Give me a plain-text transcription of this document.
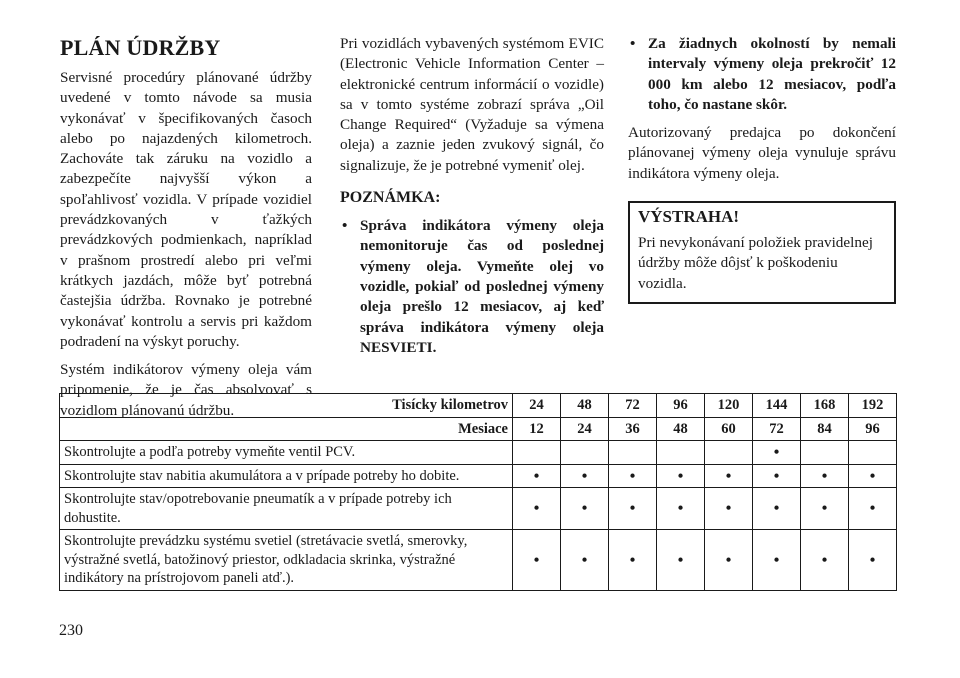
PLÁN ÚDRŽBY

Servisné procedúry plánované údržby uvedené v tomto návode sa musia vykonávať v špecifikovaných časoch alebo po najazdených kilometroch. Zachováte tak záruku na vozidlo a zabezpečíte najvyšší výkon a spoľahlivosť vozidla. V prípade vozidiel prevádzkovaných v ťažkých prevádzkových podmienkach, napríklad v prašnom prostredí alebo pri veľmi krátkych jazdách, môže byť potrebná častejšia údržba. Rovnako je potrebné vykonávať kontrolu a servis pri každom podradení na výskyt poruchy.

Systém indikátorov výmeny oleja vám pripomenie, že je čas absolvovať s vozidlom plánovanú údržbu.

Pri vozidlách vybavených systémom EVIC (Electronic Vehicle Information Center – elektronické centrum informácií o vozidle) sa v tomto systéme zobrazí správa „Oil Change Required“ (Vyžaduje sa výmena oleja) a zaznie jeden zvukový signál, čo signalizuje, že je potrebné vymeniť olej.

POZNÁMKA:
• Správa indikátora výmeny oleja nemonitoruje čas od poslednej výmeny oleja. Vymeňte olej vo vozidle, pokiaľ od poslednej výmeny oleja prešlo 12 mesiacov, aj keď správa indikátora výmeny oleja NESVIETI.
• Za žiadnych okolností by nemali intervaly výmeny oleja prekročiť 12 000 km alebo 12 mesiacov, podľa toho, čo nastane skôr.

Autorizovaný predajca po dokončení plánovanej výmeny oleja vynuluje správu indikátora výmeny oleja.

VÝSTRAHA!

Pri nevykonávaní položiek pravidelnej údržby môže dôjsť k poškodeniu vozidla.

Tisícky kilometrov	24	48	72	96	120	144	168	192
Mesiace	12	24	36	48	60	72	84	96
Skontrolujte a podľa potreby vymeňte ventil PCV.						•		
Skontrolujte stav nabitia akumulátora a v prípade potreby ho dobite.	•	•	•	•	•	•	•	•
Skontrolujte stav/opotrebovanie pneumatík a v prípade potreby ich dohustite.	•	•	•	•	•	•	•	•
Skontrolujte prevádzku systému svetiel (stretávacie svetlá, smerovky, výstražné svetlá, batožinový priestor, odkladacia skrinka, výstražné indikátory na prístrojovom paneli atď.).	•	•	•	•	•	•	•	•
230
